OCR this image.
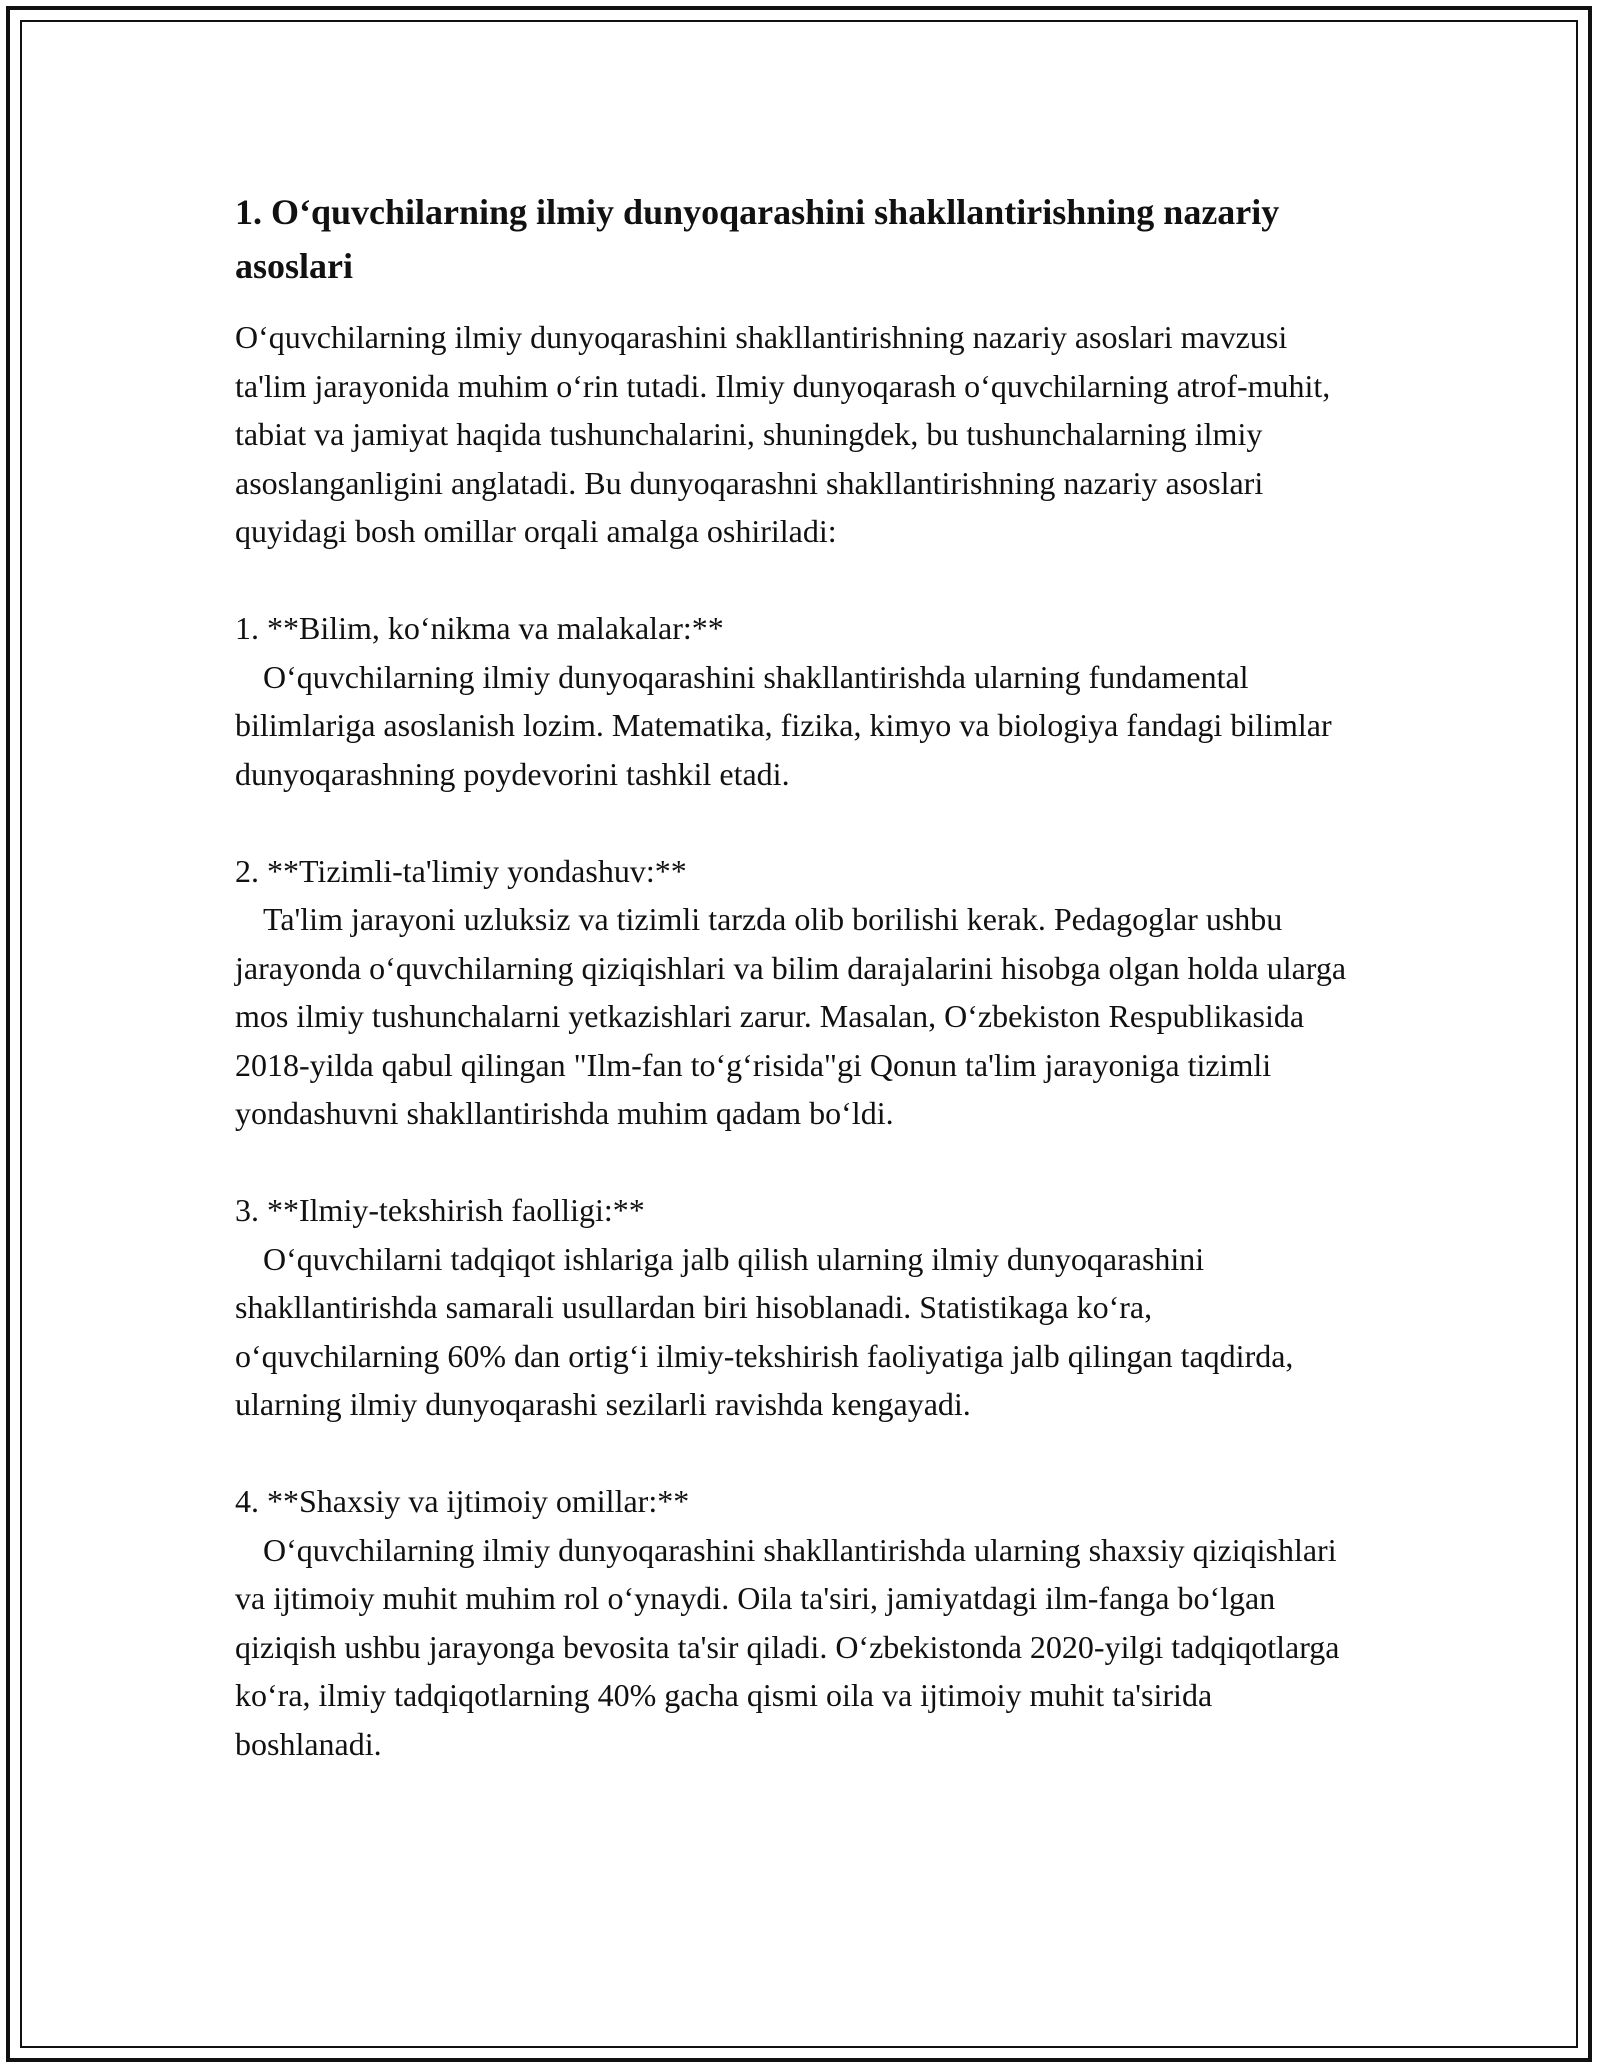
1. O‘quvchilarning ilmiy dunyoqarashini shakllantirishning nazariy asoslari

O‘quvchilarning ilmiy dunyoqarashini shakllantirishning nazariy asoslari mavzusi ta'lim jarayonida muhim o‘rin tutadi. Ilmiy dunyoqarash o‘quvchilarning atrof-muhit, tabiat va jamiyat haqida tushunchalarini, shuningdek, bu tushunchalarning ilmiy asoslanganligini anglatadi. Bu dunyoqarashni shakllantirishning nazariy asoslari quyidagi bosh omillar orqali amalga oshiriladi:

1. **Bilim, ko‘nikma va malakalar:**

O‘quvchilarning ilmiy dunyoqarashini shakllantirishda ularning fundamental bilimlariga asoslanish lozim. Matematika, fizika, kimyo va biologiya fandagi bilimlar dunyoqarashning poydevorini tashkil etadi.

2. **Tizimli-ta'limiy yondashuv:**

Ta'lim jarayoni uzluksiz va tizimli tarzda olib borilishi kerak. Pedagoglar ushbu jarayonda o‘quvchilarning qiziqishlari va bilim darajalarini hisobga olgan holda ularga mos ilmiy tushunchalarni yetkazishlari zarur. Masalan, O‘zbekiston Respublikasida 2018-yilda qabul qilingan "Ilm-fan to‘g‘risida"gi Qonun ta'lim jarayoniga tizimli yondashuvni shakllantirishda muhim qadam bo‘ldi.

3. **Ilmiy-tekshirish faolligi:**

O‘quvchilarni tadqiqot ishlariga jalb qilish ularning ilmiy dunyoqarashini shakllantirishda samarali usullardan biri hisoblanadi. Statistikaga ko‘ra, o‘quvchilarning 60% dan ortig‘i ilmiy-tekshirish faoliyatiga jalb qilingan taqdirda, ularning ilmiy dunyoqarashi sezilarli ravishda kengayadi.

4. **Shaxsiy va ijtimoiy omillar:**

O‘quvchilarning ilmiy dunyoqarashini shakllantirishda ularning shaxsiy qiziqishlari va ijtimoiy muhit muhim rol o‘ynaydi. Oila ta'siri, jamiyatdagi ilm-fanga bo‘lgan qiziqish ushbu jarayonga bevosita ta'sir qiladi. O‘zbekistonda 2020-yilgi tadqiqotlarga ko‘ra, ilmiy tadqiqotlarning 40% gacha qismi oila va ijtimoiy muhit ta'sirida boshlanadi.
